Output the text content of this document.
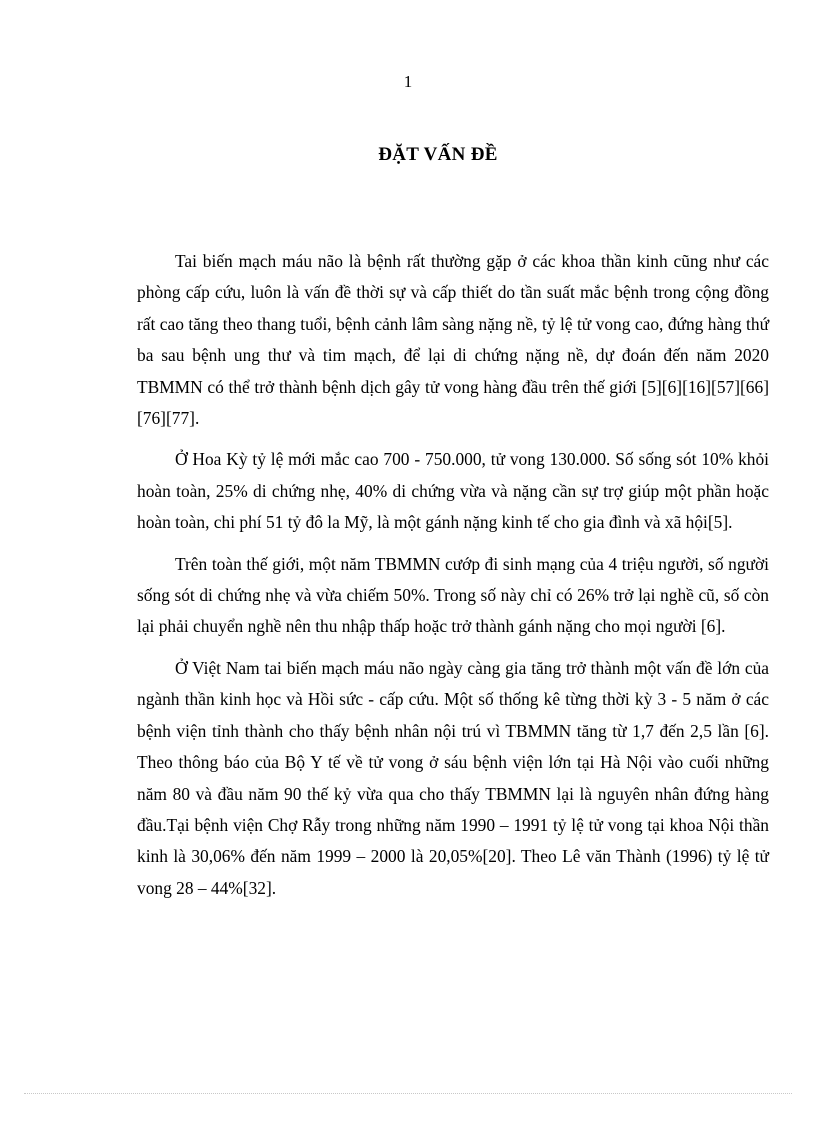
1
ĐẶT VẤN ĐỀ

Tai biến mạch máu não là bệnh rất thường gặp ở các khoa thần kinh cũng như các phòng cấp cứu, luôn là vấn đề thời sự và cấp thiết do tần suất mắc bệnh trong cộng đồng rất cao tăng theo thang tuổi, bệnh cảnh lâm sàng nặng nề, tỷ lệ tử vong cao, đứng hàng thứ ba sau bệnh ung thư và tim mạch, để lại di chứng nặng nề, dự đoán đến năm 2020 TBMMN có thể trở thành bệnh dịch gây tử vong hàng đầu trên thế giới [5][6][16][57][66][76][77].

Ở Hoa Kỳ tỷ lệ mới mắc cao 700 - 750.000, tử vong 130.000. Số sống sót 10% khỏi hoàn toàn, 25% di chứng nhẹ, 40% di chứng vừa và nặng cần sự trợ giúp một phần hoặc hoàn toàn, chi phí 51 tỷ đô la Mỹ, là một gánh nặng kinh tế cho gia đình và xã hội[5].

Trên toàn thế giới, một năm TBMMN cướp đi sinh mạng của 4 triệu người, số người sống sót di chứng nhẹ và vừa chiếm 50%. Trong số này chỉ có 26% trở lại nghề cũ, số còn lại phải chuyển nghề nên thu nhập thấp hoặc trở thành gánh nặng cho mọi người [6].

Ở Việt Nam tai biến mạch máu não ngày càng gia tăng trở thành một vấn đề lớn của ngành thần kinh học và Hồi sức - cấp cứu. Một số thống kê từng thời kỳ 3 - 5 năm ở các bệnh viện tỉnh thành cho thấy bệnh nhân nội trú vì TBMMN tăng từ 1,7 đến 2,5 lần [6]. Theo thông báo của Bộ Y tế về tử vong ở sáu bệnh viện lớn tại Hà Nội vào cuối những năm 80 và đầu năm 90 thế kỷ vừa qua cho thấy TBMMN lại là nguyên nhân đứng hàng đầu.Tại bệnh viện Chợ Rẫy trong những năm 1990 – 1991 tỷ lệ tử vong tại khoa Nội thần kinh là 30,06% đến năm 1999 – 2000 là 20,05%[20]. Theo Lê văn Thành (1996) tỷ lệ tử vong 28 – 44%[32].
